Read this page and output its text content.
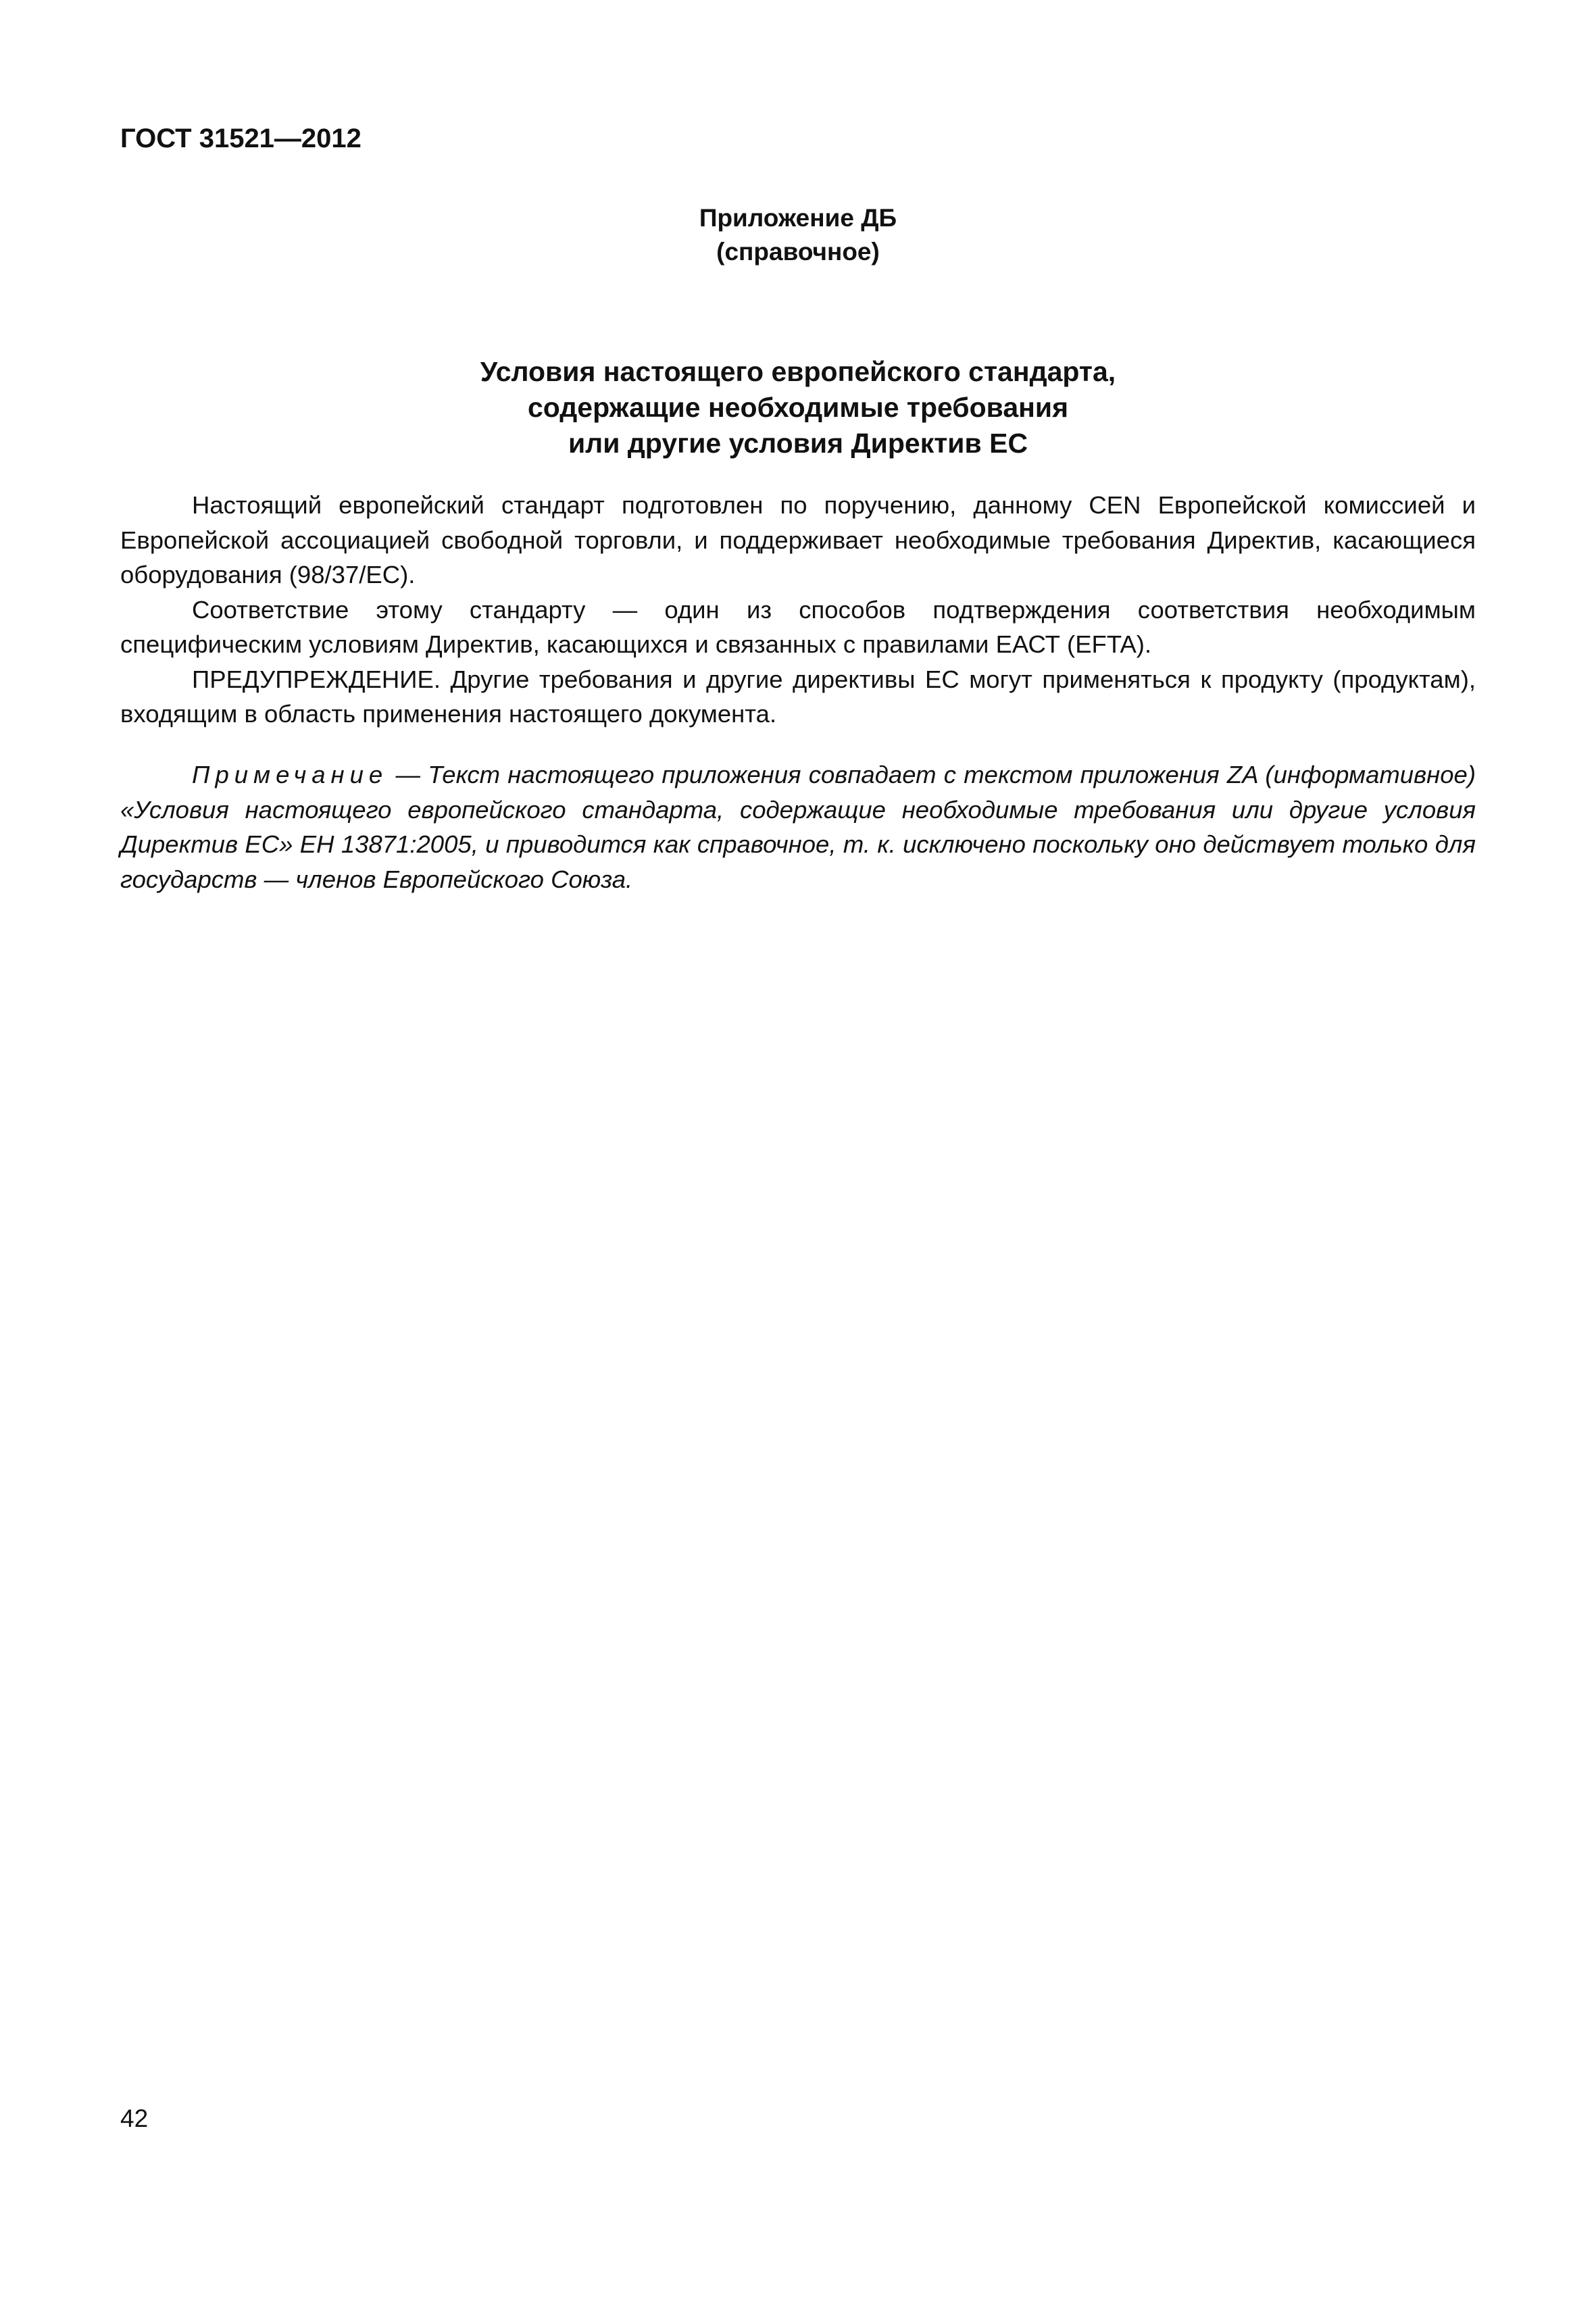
ГОСТ 31521—2012
Приложение ДБ
(справочное)
Условия настоящего европейского стандарта,
содержащие необходимые требования
или другие условия Директив ЕС

Настоящий европейский стандарт подготовлен по поручению, данному CEN Европейской комиссией и Европейской ассоциацией свободной торговли, и поддерживает необходимые требования Директив, касающиеся оборудования (98/37/ЕС).

Соответствие этому стандарту — один из способов подтверждения соответствия необходимым специфическим условиям Директив, касающихся и связанных с правилами ЕАСТ (EFTA).

ПРЕДУПРЕЖДЕНИЕ. Другие требования и другие директивы ЕС могут применяться к продукту (продуктам), входящим в область применения настоящего документа.

Примечание — Текст настоящего приложения совпадает с текстом приложения ZA (информативное) «Условия настоящего европейского стандарта, содержащие необходимые требования или другие условия Директив ЕС» ЕН 13871:2005, и приводится как справочное, т. к. исключено поскольку оно действует только для государств — членов Европейского Союза.
42
